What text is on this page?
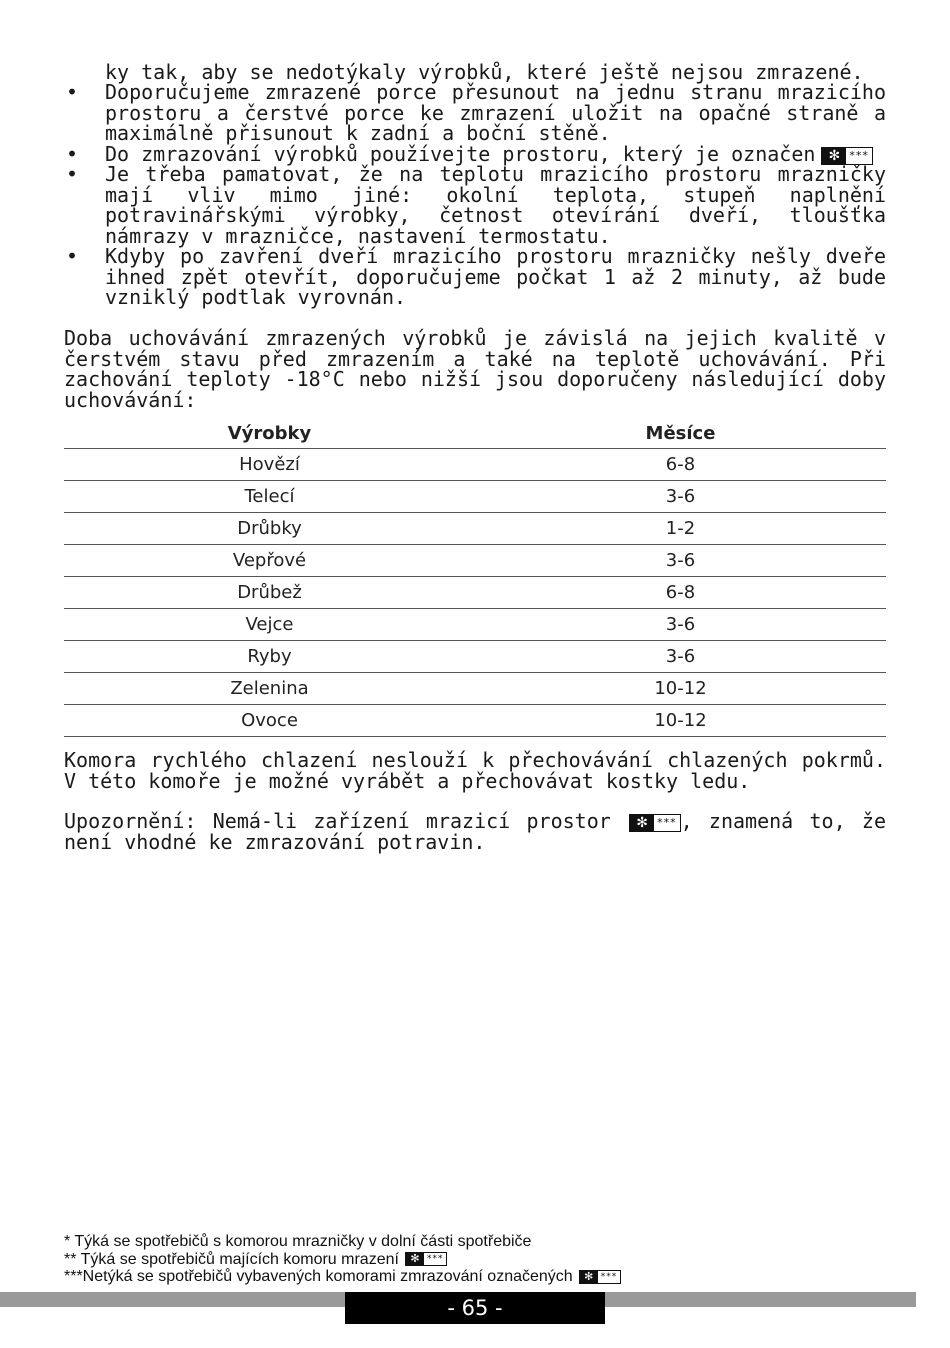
ky tak, aby se nedotýkaly výrobků, které ještě nejsou zmrazené.
• Doporučujeme zmrazené porce přesunout na jednu stranu mrazicího prostoru a čerstvé porce ke zmrazení uložit na opačné straně a maximálně přisunout k zadní a boční stěně.
• Do zmrazování výrobků používejte prostoru, který je označen ✻ ***
• Je třeba pamatovat, že na teplotu mrazicího prostoru mrazničky mají vliv mimo jiné: okolní teplota, stupeň naplnění potravinářskými výrobky, četnost otevírání dveří, tloušťka námrazy v mrazničce, nastavení termostatu.
• Kdyby po zavření dveří mrazicího prostoru mrazničky nešly dveře ihned zpět otevřít, doporučujeme počkat 1 až 2 minuty, až bude vzniklý podtlak vyrovnán.
Doba uchovávání zmrazených výrobků je závislá na jejich kvalitě v čerstvém stavu před zmrazením a také na teplotě uchovávání. Při zachování teploty -18°C nebo nižší jsou doporučeny následující doby uchovávání:
Výrobky	Měsíce
Hovězí	6-8
Telecí	3-6
Drůbky	1-2
Vepřové	3-6
Drůbež	6-8
Vejce	3-6
Ryby	3-6
Zelenina	10-12
Ovoce	10-12
Komora rychlého chlazení neslouží k přechovávání chlazených pokrmů. V této komoře je možné vyrábět a přechovávat kostky ledu.
Upozornění: Nemá-li zařízení mrazicí prostor	✻ *** , znamená to, že není vhodné ke zmrazování potravin.
* Týká se spotřebičů s komorou mrazničky v dolní části spotřebiče
** Týká se spotřebičů majících komoru mrazení	✻ ***
***Netýká se spotřebičů vybavených komorami zmrazování označených	✻ ***
- 65 -
